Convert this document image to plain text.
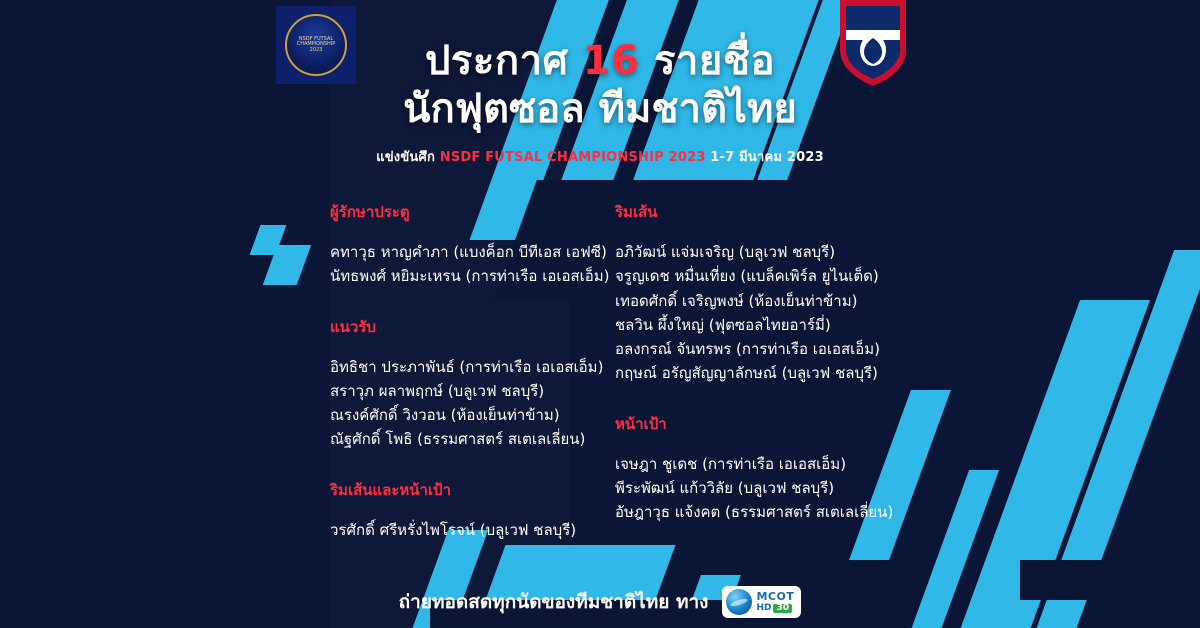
NSDF FUTSAL CHAMPIONSHIP 2023	ประกาศ 16 รายชื่อ
นักฟุตซอล ทีมชาติไทย
แข่งขันศึก NSDF FUTSAL CHAMPIONSHIP 2023 1-7 มีนาคม 2023
ผู้รักษาประตู
คทาวุธ หาญคำภา (แบงค็อก บีทีเอส เอฟซี)
นัทธพงศ์ หยิมะเหรน (การท่าเรือ เอเอสเอ็ม)
แนวรับ
อิทธิชา ประภาพันธ์ (การท่าเรือ เอเอสเอ็ม)
สราวุภ ผลาพฤกษ์ (บลูเวฟ ชลบุรี)
ณรงค์ศักดิ์ วิงวอน (ห้องเย็นท่าข้าม)
ณัฐศักดิ์ โพธิ (ธรรมศาสตร์ สเตเลเลี่ยน)
ริมเส้นและหน้าเป้า
วรศักดิ์ ศรีหรั่งไพโรจน์ (บลูเวฟ ชลบุรี)
ริมเส้น
อภิวัฒน์ แจ่มเจริญ (บลูเวฟ ชลบุรี)
จรูญเดช หมื่นเที่ยง (แบล็คเพิร์ล ยูไนเต็ด)
เทอดศักดิ์ เจริญพงษ์ (ห้องเย็นท่าข้าม)
ชลวิน ผึ้งใหญ่ (ฟุตซอลไทยอาร์มี่)
อลงกรณ์ จันทรพร (การท่าเรือ เอเอสเอ็ม)
กฤษณ์ อรัญสัญญาลักษณ์ (บลูเวฟ ชลบุรี)
หน้าเป้า
เจษฎา ชูเดช (การท่าเรือ เอเอสเอ็ม)
พีระพัฒน์ แก้ววิลัย (บลูเวฟ ชลบุรี)
อัษฎาวุธ แจ้งคต (ธรรมศาสตร์ สเตเลเลี่ยน)
ถ่ายทอดสดทุกนัดของทีมชาติไทย ทาง	MCOT
HD 30
